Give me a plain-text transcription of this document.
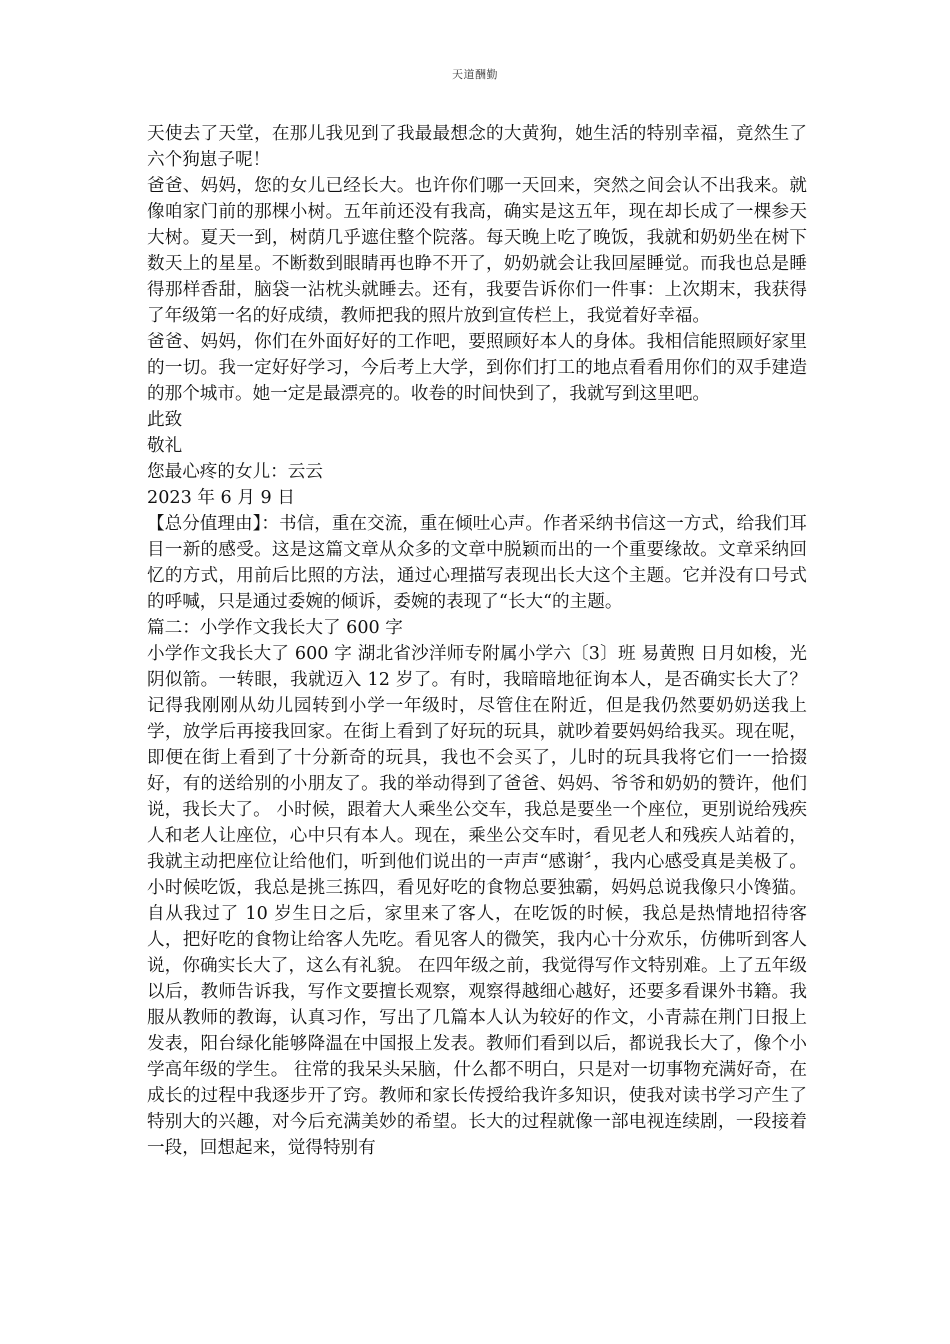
天道酬勤

天使去了天堂，在那儿我见到了我最最想念的大黄狗，她生活的特别幸福，竟然生了六个狗崽子呢！

爸爸、妈妈，您的女儿已经长大。也许你们哪一天回来，突然之间会认不出我来。就像咱家门前的那棵小树。五年前还没有我高，确实是这五年，现在却长成了一棵参天大树。夏天一到，树荫几乎遮住整个院落。每天晚上吃了晚饭，我就和奶奶坐在树下数天上的星星。不断数到眼睛再也睁不开了，奶奶就会让我回屋睡觉。而我也总是睡得那样香甜，脑袋一沾枕头就睡去。还有，我要告诉你们一件事：上次期末，我获得了年级第一名的好成绩，教师把我的照片放到宣传栏上，我觉着好幸福。

爸爸、妈妈，你们在外面好好的工作吧，要照顾好本人的身体。我相信能照顾好家里的一切。我一定好好学习，今后考上大学，到你们打工的地点看看用你们的双手建造的那个城市。她一定是最漂亮的。收卷的时间快到了，我就写到这里吧。

此致

敬礼

您最心疼的女儿：云云

2023 年 6 月 9 日

【总分值理由】：书信，重在交流，重在倾吐心声。作者采纳书信这一方式，给我们耳目一新的感受。这是这篇文章从众多的文章中脱颖而出的一个重要缘故。文章采纳回忆的方式，用前后比照的方法，通过心理描写表现出长大这个主题。它并没有口号式的呼喊，只是通过委婉的倾诉，委婉的表现了“长大“的主题。

篇二：小学作文我长大了 600 字

小学作文我长大了 600 字 湖北省沙洋师专附属小学六〔3〕班 易黄煦 日月如梭，光阴似箭。一转眼，我就迈入 12 岁了。有时，我暗暗地征询本人，是否确实长大了？ 记得我刚刚从幼儿园转到小学一年级时，尽管住在附近，但是我仍然要奶奶送我上学，放学后再接我回家。在街上看到了好玩的玩具，就吵着要妈妈给我买。现在呢，即便在街上看到了十分新奇的玩具，我也不会买了，儿时的玩具我将它们一一拾掇好，有的送给别的小朋友了。我的举动得到了爸爸、妈妈、爷爷和奶奶的赞许，他们说，我长大了。 小时候，跟着大人乘坐公交车，我总是要坐一个座位，更别说给残疾人和老人让座位，心中只有本人。现在，乘坐公交车时，看见老人和残疾人站着的，我就主动把座位让给他们，听到他们说出的一声声“感谢〞，我内心感受真是美极了。 小时候吃饭，我总是挑三拣四，看见好吃的食物总要独霸，妈妈总说我像只小馋猫。自从我过了 10 岁生日之后，家里来了客人，在吃饭的时候，我总是热情地招待客人，把好吃的食物让给客人先吃。看见客人的微笑，我内心十分欢乐，仿佛听到客人说，你确实长大了，这么有礼貌。 在四年级之前，我觉得写作文特别难。上了五年级以后，教师告诉我，写作文要擅长观察，观察得越细心越好，还要多看课外书籍。我服从教师的教诲，认真习作，写出了几篇本人认为较好的作文，小青蒜在荆门日报上发表，阳台绿化能够降温在中国报上发表。教师们看到以后，都说我长大了，像个小学高年级的学生。 往常的我呆头呆脑，什么都不明白，只是对一切事物充满好奇，在成长的过程中我逐步开了窍。教师和家长传授给我许多知识，使我对读书学习产生了特别大的兴趣，对今后充满美妙的希望。长大的过程就像一部电视连续剧，一段接着一段，回想起来，觉得特别有
